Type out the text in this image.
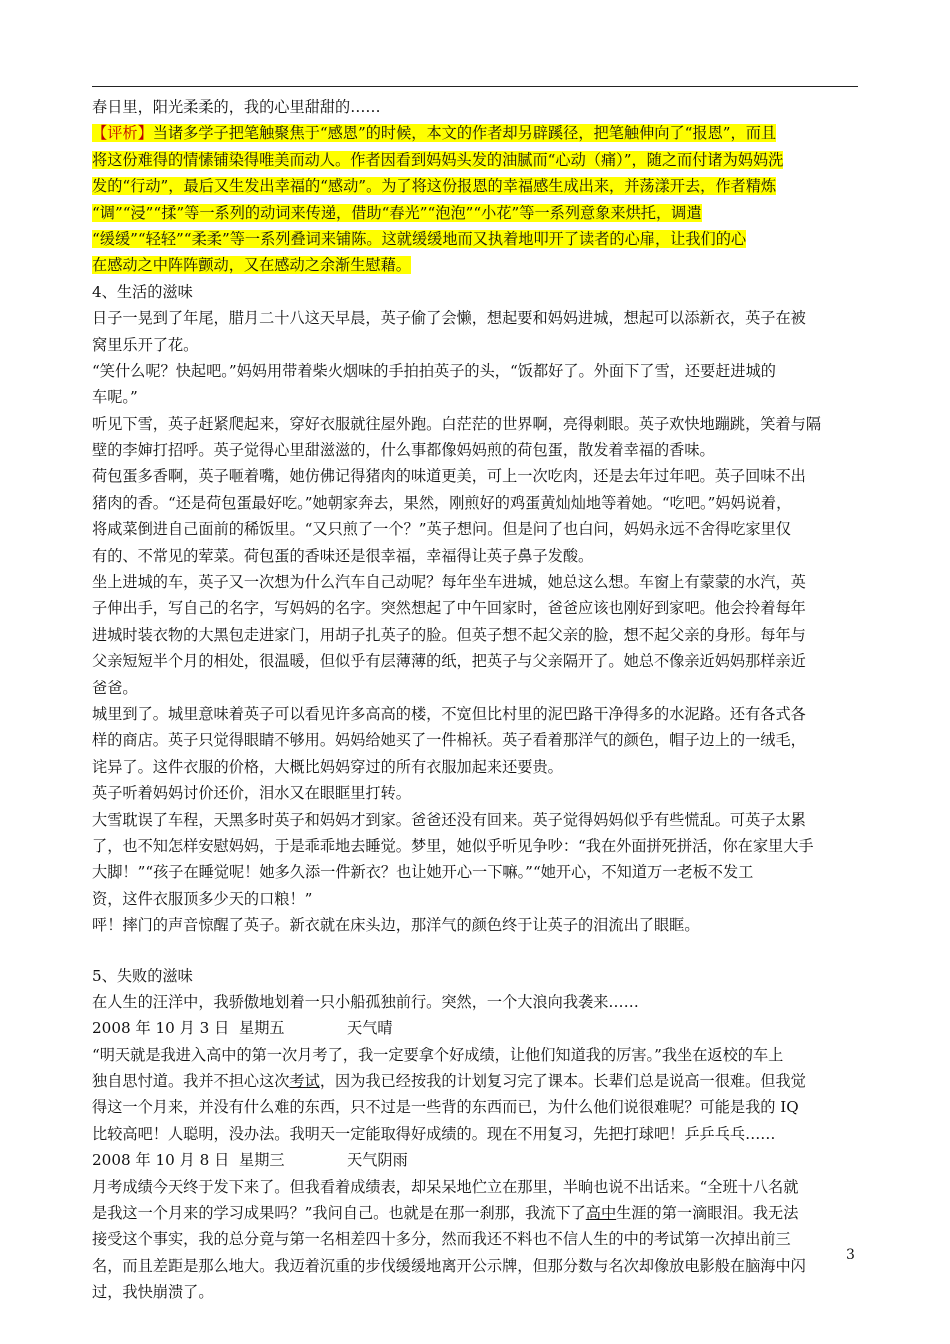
春日里，阳光柔柔的，我的心里甜甜的……
【评析】当诸多学子把笔触聚焦于“感恩”的时候，本文的作者却另辟蹊径，把笔触伸向了“报恩”，而且
将这份难得的情愫铺染得唯美而动人。作者因看到妈妈头发的油腻而“心动（痛）”，随之而付诸为妈妈洗
发的“行动”，最后又生发出幸福的“感动”。为了将这份报恩的幸福感生成出来，并荡漾开去，作者精炼
“调”“浸”“揉”等一系列的动词来传递，借助“春光”“泡泡”“小花”等一系列意象来烘托，调遣
“缓缓”“轻轻”“柔柔”等一系列叠词来铺陈。这就缓缓地而又执着地叩开了读者的心扉，让我们的心
在感动之中阵阵颤动，又在感动之余渐生慰藉。
4、生活的滋味
日子一晃到了年尾，腊月二十八这天早晨，英子偷了会懒，想起要和妈妈进城，想起可以添新衣，英子在被
窝里乐开了花。
“笑什么呢？快起吧。”妈妈用带着柴火烟味的手拍拍英子的头，“饭都好了。外面下了雪，还要赶进城的
车呢。”
听见下雪，英子赶紧爬起来，穿好衣服就往屋外跑。白茫茫的世界啊，亮得刺眼。英子欢快地蹦跳，笑着与隔
壁的李婶打招呼。英子觉得心里甜滋滋的，什么事都像妈妈煎的荷包蛋，散发着幸福的香味。
荷包蛋多香啊，英子咂着嘴，她仿佛记得猪肉的味道更美，可上一次吃肉，还是去年过年吧。英子回味不出
猪肉的香。“还是荷包蛋最好吃。”她朝家奔去，果然，刚煎好的鸡蛋黄灿灿地等着她。“吃吧。”妈妈说着，
将咸菜倒进自己面前的稀饭里。“又只煎了一个？”英子想问。但是问了也白问，妈妈永远不舍得吃家里仅
有的、不常见的荤菜。荷包蛋的香味还是很幸福，幸福得让英子鼻子发酸。
坐上进城的车，英子又一次想为什么汽车自己动呢？每年坐车进城，她总这么想。车窗上有蒙蒙的水汽，英
子伸出手，写自己的名字，写妈妈的名字。突然想起了中午回家时，爸爸应该也刚好到家吧。他会拎着每年
进城时装衣物的大黑包走进家门，用胡子扎英子的脸。但英子想不起父亲的脸，想不起父亲的身形。每年与
父亲短短半个月的相处，很温暖，但似乎有层薄薄的纸，把英子与父亲隔开了。她总不像亲近妈妈那样亲近
爸爸。
城里到了。城里意味着英子可以看见许多高高的楼，不宽但比村里的泥巴路干净得多的水泥路。还有各式各
样的商店。英子只觉得眼睛不够用。妈妈给她买了一件棉袄。英子看着那洋气的颜色，帽子边上的一绒毛，
诧异了。这件衣服的价格，大概比妈妈穿过的所有衣服加起来还要贵。
英子听着妈妈讨价还价，泪水又在眼眶里打转。
大雪耽误了车程，天黑多时英子和妈妈才到家。爸爸还没有回来。英子觉得妈妈似乎有些慌乱。可英子太累
了，也不知怎样安慰妈妈，于是乖乖地去睡觉。梦里，她似乎听见争吵：“我在外面拼死拼活，你在家里大手
大脚！”“孩子在睡觉呢！她多久添一件新衣？也让她开心一下嘛。”“她开心，不知道万一老板不发工
资，这件衣服顶多少天的口粮！”
呯！摔门的声音惊醒了英子。新衣就在床头边，那洋气的颜色终于让英子的泪流出了眼眶。
5、失败的滋味
在人生的汪洋中，我骄傲地划着一只小船孤独前行。突然，一个大浪向我袭来……
2008 年 10 月 3 日 星期五	天气晴
“明天就是我进入高中的第一次月考了，我一定要拿个好成绩，让他们知道我的厉害。”我坐在返校的车上
独自思忖道。我并不担心这次考试，因为我已经按我的计划复习完了课本。长辈们总是说高一很难。但我觉
得这一个月来，并没有什么难的东西，只不过是一些背的东西而已，为什么他们说很难呢？可能是我的 IQ
比较高吧！人聪明，没办法。我明天一定能取得好成绩的。现在不用复习，先把打球吧！乒乒乓乓……
2008 年 10 月 8 日 星期三	天气阴雨
月考成绩今天终于发下来了。但我看着成绩表，却呆呆地伫立在那里，半晌也说不出话来。“全班十八名就
是我这一个月来的学习成果吗？”我问自己。也就是在那一刹那，我流下了高中生涯的第一滴眼泪。我无法
接受这个事实，我的总分竟与第一名相差四十多分，然而我还不料也不信人生的中的考试第一次掉出前三
名，而且差距是那么地大。我迈着沉重的步伐缓缓地离开公示牌，但那分数与名次却像放电影般在脑海中闪
过，我快崩溃了。
3
